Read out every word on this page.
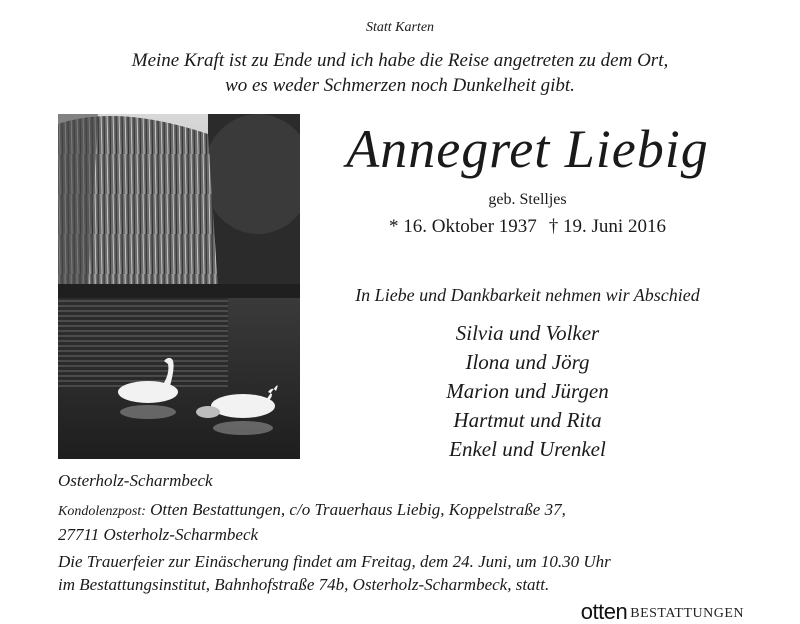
Statt Karten
Meine Kraft ist zu Ende und ich habe die Reise angetreten zu dem Ort,
wo es weder Schmerzen noch Dunkelheit gibt.
Annegret Liebig
geb. Stelljes
* 16. Oktober 1937 † 19. Juni 2016
In Liebe und Dankbarkeit nehmen wir Abschied
Silvia und Volker
Ilona und Jörg
Marion und Jürgen
Hartmut und Rita
Enkel und Urenkel
Osterholz-Scharmbeck
Kondolenzpost: Otten Bestattungen, c/o Trauerhaus Liebig, Koppelstraße 37,
27711 Osterholz-Scharmbeck
Die Trauerfeier zur Einäscherung findet am Freitag, dem 24. Juni, um 10.30 Uhr
im Bestattungsinstitut, Bahnhofstraße 74b, Osterholz-Scharmbeck, statt.
otten BESTATTUNGEN
